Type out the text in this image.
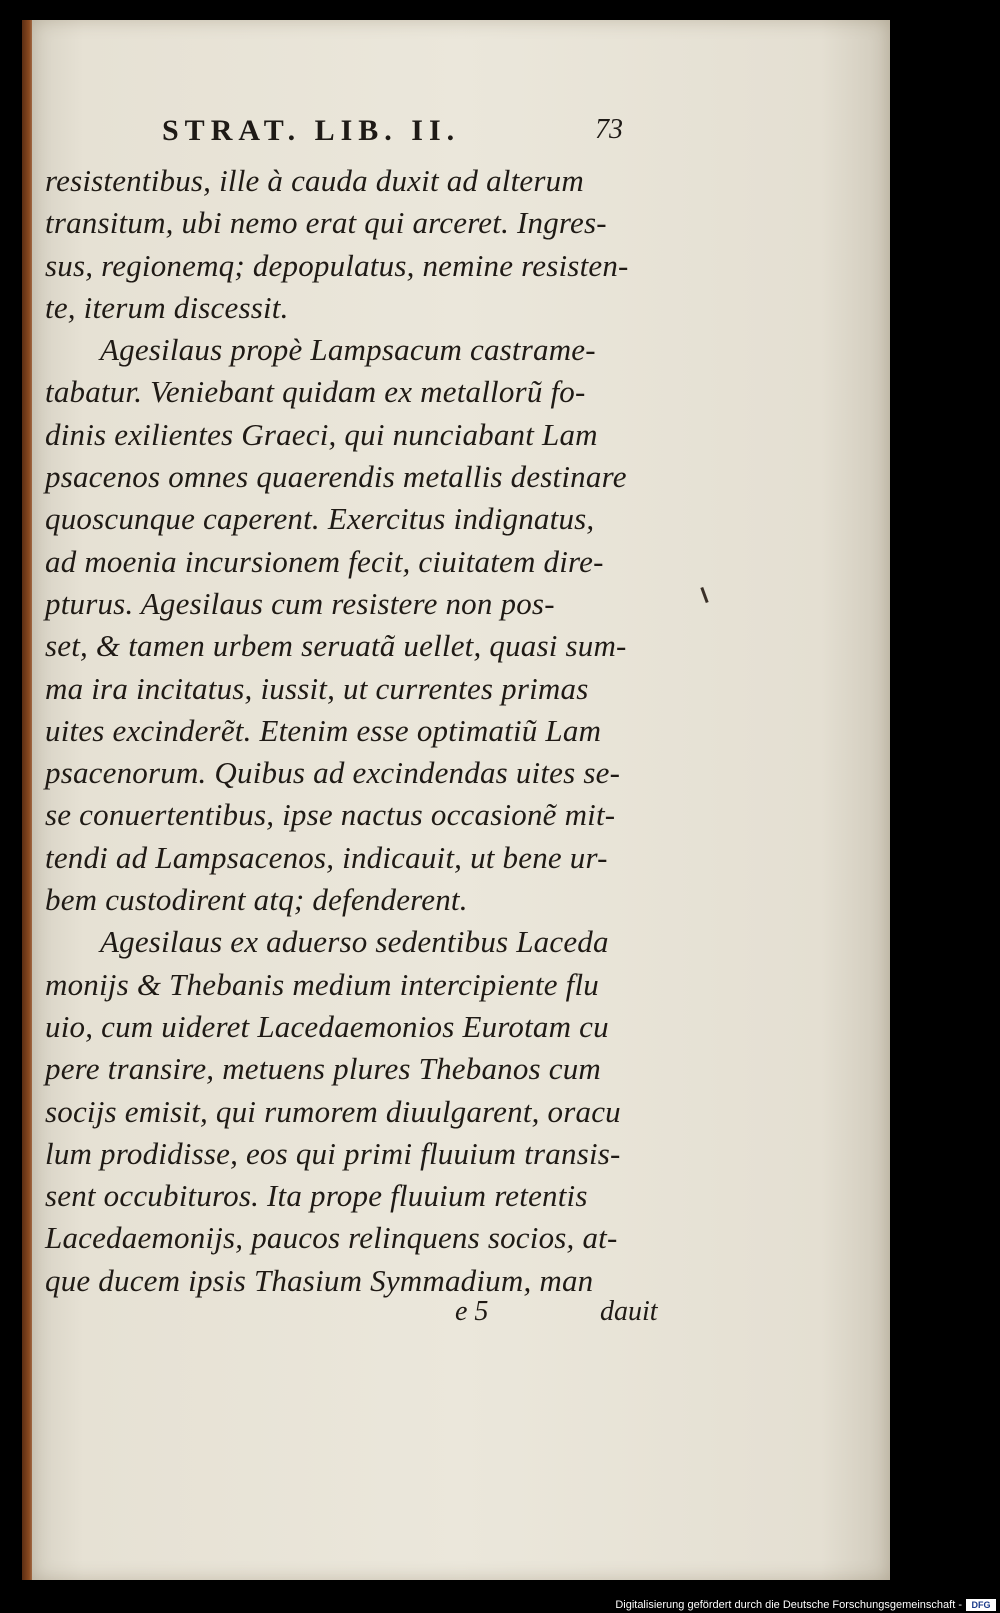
STRAT. LIB. II.	73
resistentibus, ille à cauda duxit ad alterum
transitum, ubi nemo erat qui arceret. Ingres-
sus, regionemq; depopulatus, nemine resisten-
te, iterum discessit.
Agesilaus propè Lampsacum castrame-
tabatur. Veniebant quidam ex metallorũ fo-
dinis exilientes Graeci, qui nunciabant Lam
psacenos omnes quaerendis metallis destinare
quoscunque caperent. Exercitus indignatus,
ad moenia incursionem fecit, ciuitatem dire-
pturus. Agesilaus cum resistere non pos-
set, & tamen urbem seruatã uellet, quasi sum-
ma ira incitatus, iussit, ut currentes primas
uites excinderẽt. Etenim esse optimatiũ Lam
psacenorum. Quibus ad excindendas uites se-
se conuertentibus, ipse nactus occasionẽ mit-
tendi ad Lampsacenos, indicauit, ut bene ur-
bem custodirent atq; defenderent.
Agesilaus ex aduerso sedentibus Laceda
monijs & Thebanis medium intercipiente flu
uio, cum uideret Lacedaemonios Eurotam cu
pere transire, metuens plures Thebanos cum
socijs emisit, qui rumorem diuulgarent, oracu
lum prodidisse, eos qui primi fluuium transis-
sent occubituros. Ita prope fluuium retentis
Lacedaemonijs, paucos relinquens socios, at-
que ducem ipsis Thasium Symmadium, man
e 5	dauit
Digitalisierung gefördert durch die Deutsche Forschungsgemeinschaft -	DFG
